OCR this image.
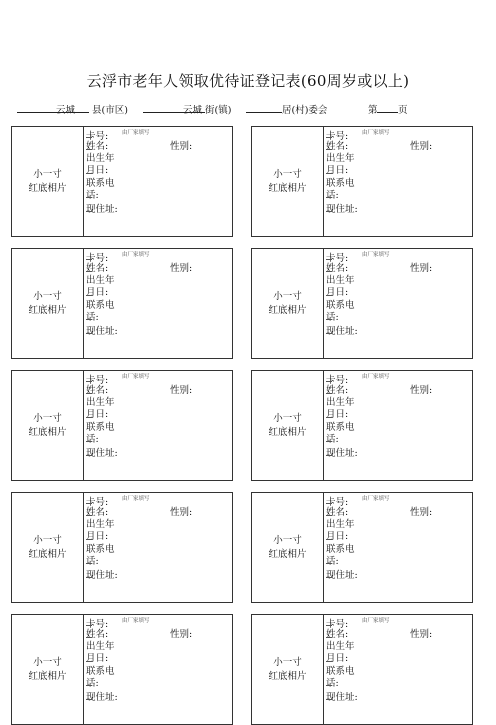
云浮市老年人领取优待证登记表(60周岁或以上)
云城 县(市区)	云城 街(镇)	居(村)委会	第 页
小一寸
红底相片
卡号:
姓名:
出生年
月日:
联系电
话:
现住址:
由厂家填写
性别:
小一寸
红底相片
卡号:
姓名:
出生年
月日:
联系电
话:
现住址:
由厂家填写
性别:
小一寸
红底相片
卡号:
姓名:
出生年
月日:
联系电
话:
现住址:
由厂家填写
性别:
小一寸
红底相片
卡号:
姓名:
出生年
月日:
联系电
话:
现住址:
由厂家填写
性别:
小一寸
红底相片
卡号:
姓名:
出生年
月日:
联系电
话:
现住址:
由厂家填写
性别:
小一寸
红底相片
卡号:
姓名:
出生年
月日:
联系电
话:
现住址:
由厂家填写
性别:
小一寸
红底相片
卡号:
姓名:
出生年
月日:
联系电
话:
现住址:
由厂家填写
性别:
小一寸
红底相片
卡号:
姓名:
出生年
月日:
联系电
话:
现住址:
由厂家填写
性别:
小一寸
红底相片
卡号:
姓名:
出生年
月日:
联系电
话:
现住址:
由厂家填写
性别:
小一寸
红底相片
卡号:
姓名:
出生年
月日:
联系电
话:
现住址:
由厂家填写
性别:
